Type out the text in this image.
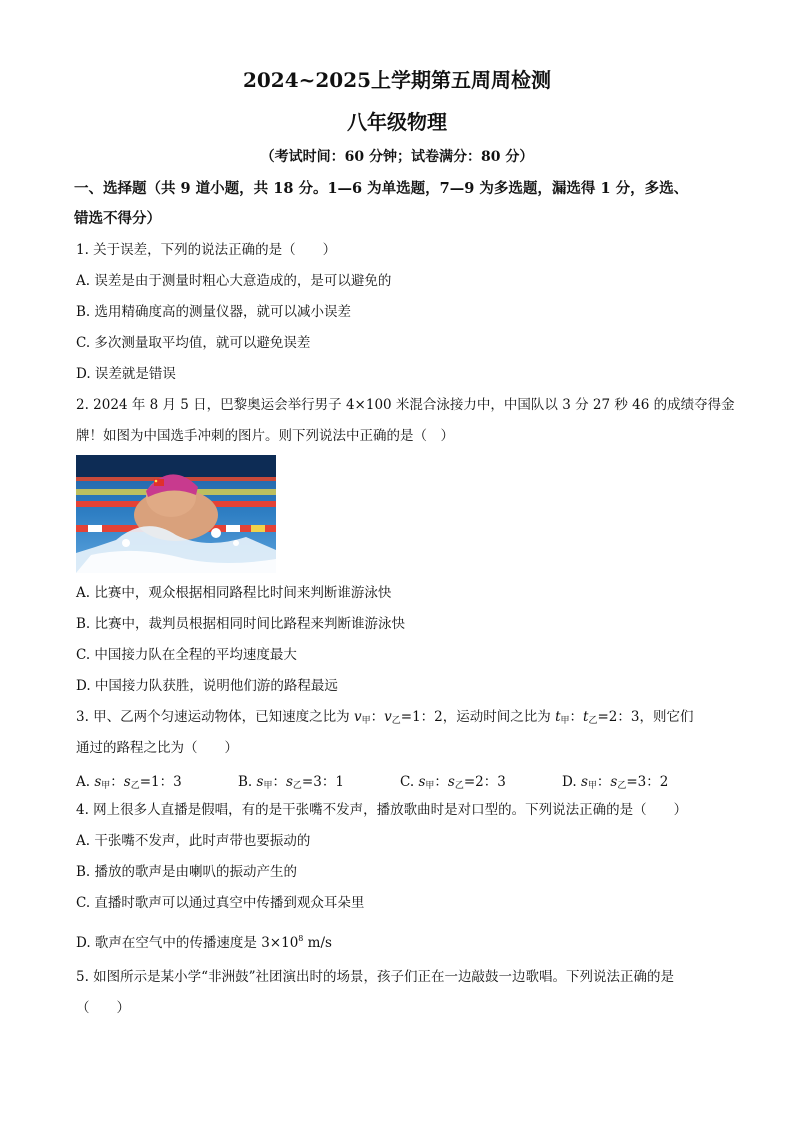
2024~2025上学期第五周周检测
八年级物理
（考试时间：60 分钟；试卷满分：80 分）
一、选择题（共 9 道小题，共 18 分。1—6 为单选题，7—9 为多选题，漏选得 1 分，多选、
错选不得分）
1. 关于误差，下列的说法正确的是（　　）
A. 误差是由于测量时粗心大意造成的，是可以避免的
B. 选用精确度高的测量仪器，就可以减小误差
C. 多次测量取平均值，就可以避免误差
D. 误差就是错误
2. 2024 年 8 月 5 日，巴黎奥运会举行男子 4×100 米混合泳接力中，中国队以 3 分 27 秒 46 的成绩夺得金
牌！如图为中国选手冲刺的图片。则下列说法中正确的是（　）
A. 比赛中，观众根据相同路程比时间来判断谁游泳快
B. 比赛中，裁判员根据相同时间比路程来判断谁游泳快
C. 中国接力队在全程的平均速度最大
D. 中国接力队获胜，说明他们游的路程最远
3. 甲、乙两个匀速运动物体，已知速度之比为 $v_甲$：$v_乙=1$：2，运动时间之比为 $t_甲$：$t_乙=2$：3，则它们
通过的路程之比为（　　）
A. $s_甲$：$s_乙=1$：3	B. $s_甲$：$s_乙=3$：1	C. $s_甲$：$s_乙=2$：3	D. $s_甲$：$s_乙=3$：2
4. 网上很多人直播是假唱，有的是干张嘴不发声，播放歌曲时是对口型的。下列说法正确的是（　　）
A. 干张嘴不发声，此时声带也要振动的
B. 播放的歌声是由喇叭的振动产生的
C. 直播时歌声可以通过真空中传播到观众耳朵里
D. 歌声在空气中的传播速度是 $3\times 10^8$ m/s
5. 如图所示是某小学“非洲鼓”社团演出时的场景，孩子们正在一边敲鼓一边歌唱。下列说法正确的是
（　　）
